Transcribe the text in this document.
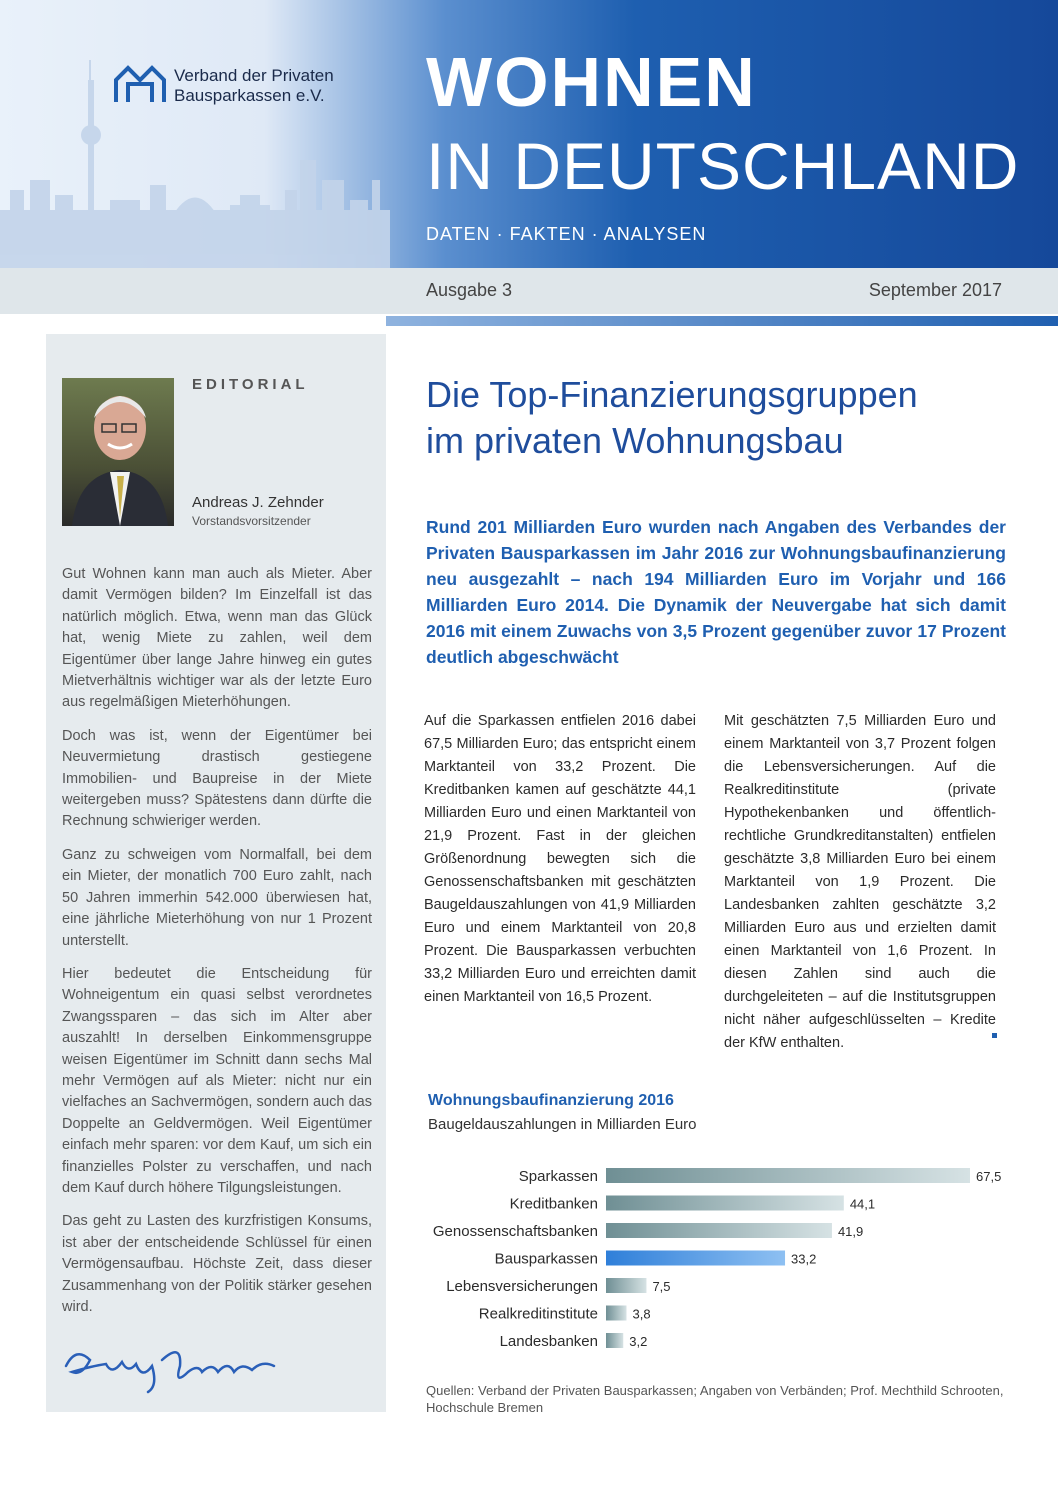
Verband der Privaten
Bausparkassen e.V. WOHNEN
IN DEUTSCHLAND
DATEN · FAKTEN · ANALYSEN
Ausgabe 3	September 2017
EDITORIAL
Andreas J. Zehnder
Vorstandsvorsitzender

Gut Wohnen kann man auch als Mieter. Aber damit Vermögen bilden? Im Einzelfall ist das natürlich möglich. Etwa, wenn man das Glück hat, wenig Miete zu zahlen, weil dem Eigentümer über lange Jahre hinweg ein gutes Mietverhältnis wichtiger war als der letzte Euro aus regelmäßigen Mieterhöhungen.

Doch was ist, wenn der Eigentümer bei Neuvermietung drastisch gestiegene Immobilien- und Baupreise in der Miete weitergeben muss? Spätestens dann dürfte die Rechnung schwieriger werden.

Ganz zu schweigen vom Normalfall, bei dem ein Mieter, der monatlich 700 Euro zahlt, nach 50 Jahren immerhin 542.000 überwiesen hat, eine jährliche Mieterhöhung von nur 1 Prozent unterstellt.

Hier bedeutet die Entscheidung für Wohneigentum ein quasi selbst verordnetes Zwangssparen – das sich im Alter aber auszahlt! In derselben Einkommensgruppe weisen Eigentümer im Schnitt dann sechs Mal mehr Vermögen auf als Mieter: nicht nur ein vielfaches an Sachvermögen, sondern auch das Doppelte an Geldvermögen. Weil Eigentümer einfach mehr sparen: vor dem Kauf, um sich ein finanzielles Polster zu verschaffen, und nach dem Kauf durch höhere Tilgungsleistungen.

Das geht zu Lasten des kurzfristigen Konsums, ist aber der entscheidende Schlüssel für einen Vermögensaufbau. Höchste Zeit, dass dieser Zusammenhang von der Politik stärker gesehen wird.

Die Top-Finanzierungsgruppen
im privaten Wohnungsbau
Rund 201 Milliarden Euro wurden nach Angaben des Verbandes der Privaten Bausparkassen im Jahr 2016 zur Wohnungsbaufinanzierung neu ausgezahlt – nach 194 Milliarden Euro im Vorjahr und 166 Milliarden Euro 2014. Die Dynamik der Neuvergabe hat sich damit 2016 mit einem Zuwachs von 3,5 Prozent gegenüber zuvor 17 Prozent deutlich abgeschwächt
Auf die Sparkassen entfielen 2016 dabei 67,5 Milliarden Euro; das entspricht einem Marktanteil von 33,2 Prozent. Die Kreditbanken kamen auf geschätzte 44,1 Milliarden Euro und einen Marktanteil von 21,9 Prozent. Fast in der gleichen Größenordnung bewegten sich die Genossenschaftsbanken mit geschätzten Baugeldauszahlungen von 41,9 Milliarden Euro und einem Marktanteil von 20,8 Prozent. Die Bausparkassen verbuchten 33,2 Milliarden Euro und erreichten damit einen Marktanteil von 16,5 Prozent.
Mit geschätzten 7,5 Milliarden Euro und einem Marktanteil von 3,7 Prozent folgen die Lebensversicherungen. Auf die Realkreditinstitute (private Hypothekenbanken und öffentlich-rechtliche Grundkreditanstalten) entfielen geschätzte 3,8 Milliarden Euro bei einem Marktanteil von 1,9 Prozent. Die Landesbanken zahlten geschätzte 3,2 Milliarden Euro aus und erzielten damit einen Marktanteil von 1,6 Prozent. In diesen Zahlen sind auch die durchgeleiteten – auf die Institutsgruppen nicht näher aufgeschlüsselten – Kredite der KfW enthalten.
Wohnungsbaufinanzierung 2016
Baugeldauszahlungen in Milliarden Euro
Sparkassen	67,5
Kreditbanken	44,1
Genossenschaftsbanken	41,9
Bausparkassen	33,2
Lebensversicherungen	7,5
Realkreditinstitute	3,8
Landesbanken 3,2
Quellen: Verband der Privaten Bausparkassen; Angaben von Verbänden; Prof. Mechthild Schrooten, Hochschule Bremen
